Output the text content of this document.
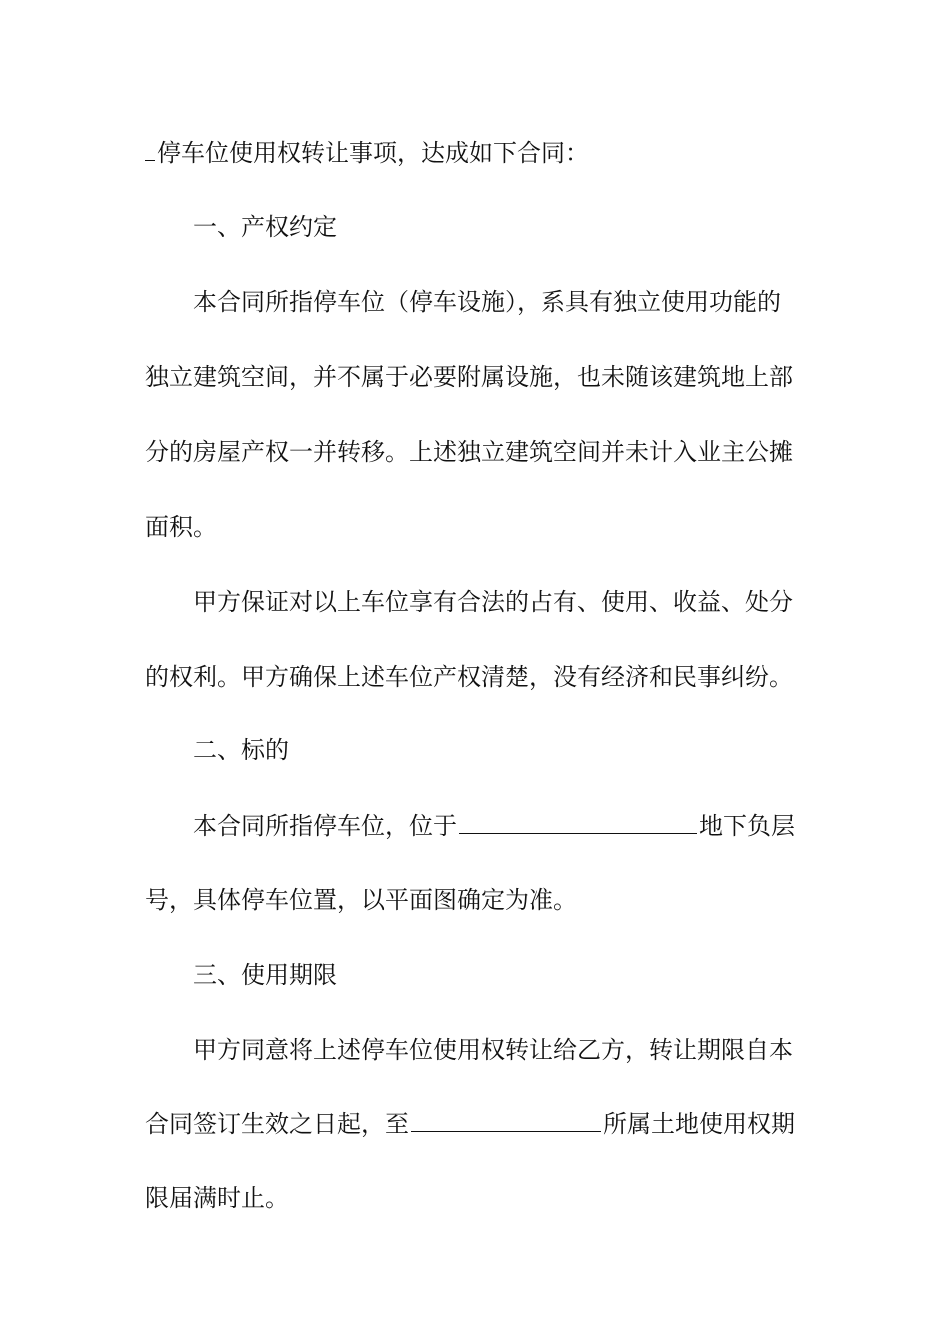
停车位使用权转让事项，达成如下合同：
一、产权约定
本合同所指停车位（停车设施），系具有独立使用功能的
独立建筑空间，并不属于必要附属设施，也未随该建筑地上部
分的房屋产权一并转移。上述独立建筑空间并未计入业主公摊
面积。
甲方保证对以上车位享有合法的占有、使用、收益、处分
的权利。甲方确保上述车位产权清楚，没有经济和民事纠纷。
二、标的
本合同所指停车位，位于	地下负层
号，具体停车位置，以平面图确定为准。
三、使用期限
甲方同意将上述停车位使用权转让给乙方，转让期限自本
合同签订生效之日起，至	所属土地使用权期
限届满时止。
